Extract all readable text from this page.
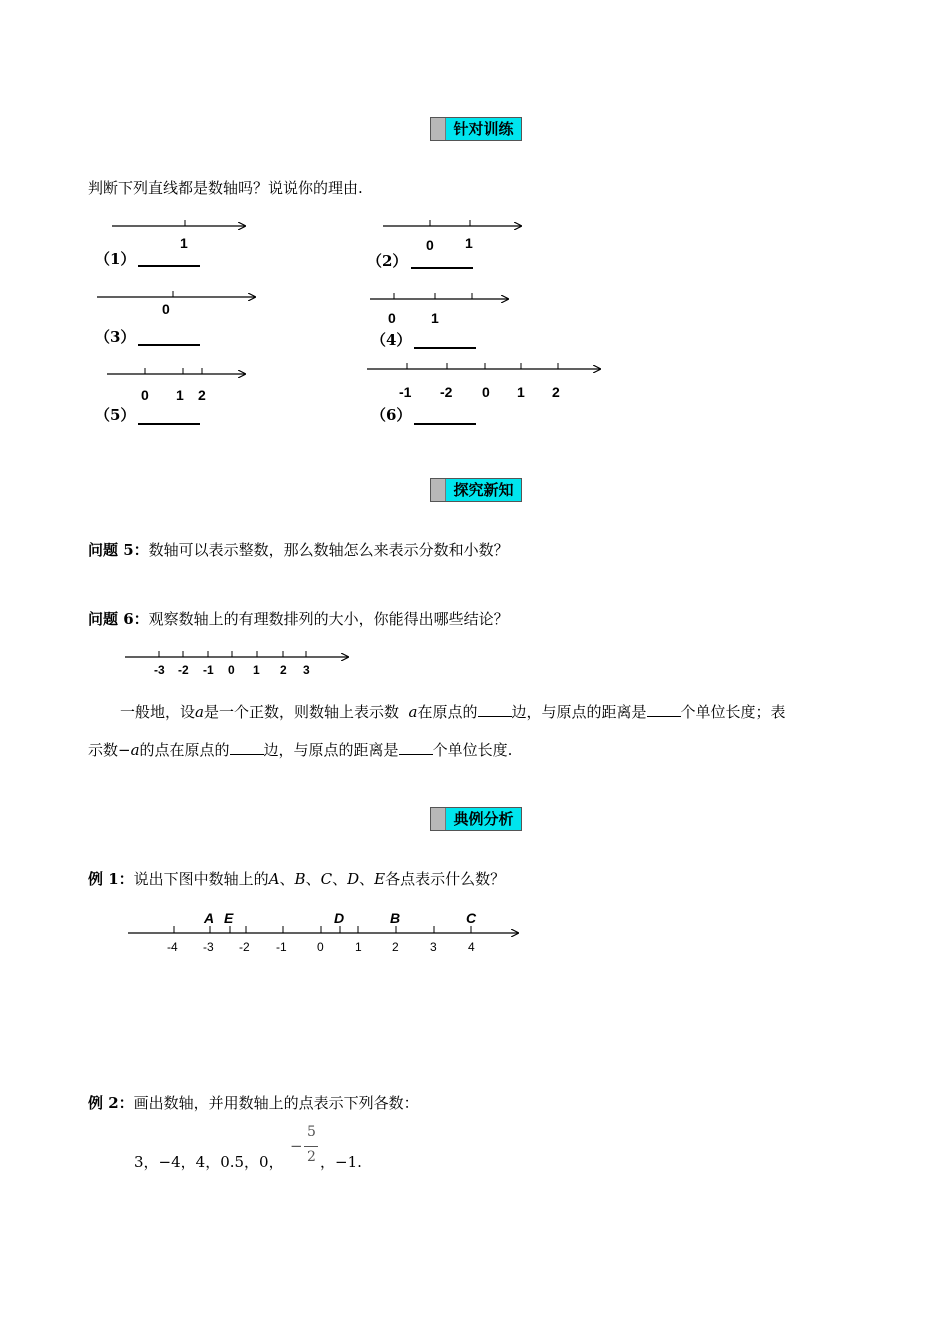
针对训练
判断下列直线都是数轴吗？说说你的理由.
1	0 1
0
0	1
0 1 2	-1 -2 0 1 2
（1）	（2）
（3）	（4）
（5）	（6）
探究新知
问题 5：数轴可以表示整数，那么数轴怎么来表示分数和小数？
问题 6：观察数轴上的有理数排列的大小，你能得出哪些结论？
-3 -2 -1 0 1 2 3
一般地，设a是一个正数，则数轴上表示数 a在原点的 边，与原点的距离是 个单位长度；表
示数−a的点在原点的 边，与原点的距离是 个单位长度.
典例分析
例 1：说出下图中数轴上的A、B、C、D、E各点表示什么数？
-4 -3 -2 -1	0	1	2	3	4
A E	D	B	C
例 2：画出数轴，并用数轴上的点表示下列各数：
3，−4，4，0.5，0，
−
5
2 ，−1.
